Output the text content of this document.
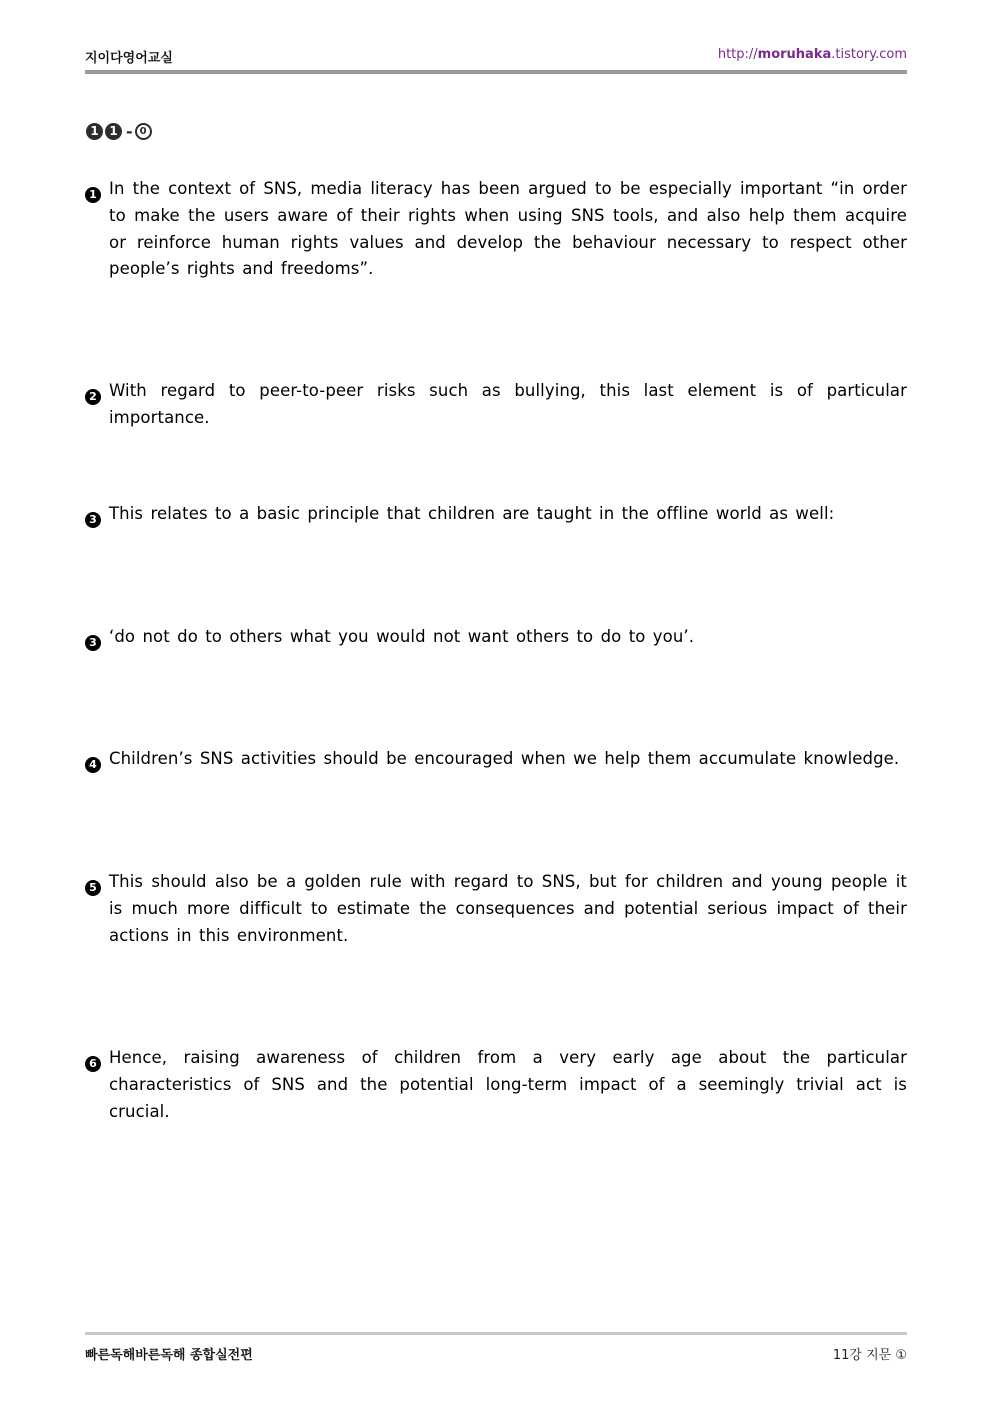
지이다영어교실	http://moruhaka.tistory.com
1 1 - 0
1 In the context of SNS, media literacy has been argued to be especially important “in order to make the users aware of their rights when using SNS tools, and also help them acquire or reinforce human rights values and develop the behaviour necessary to respect other people’s rights and freedoms”.
2 With regard to peer-to-peer risks such as bullying, this last element is of particular importance.
3 This relates to a basic principle that children are taught in the offline world as well:
3 ‘do not do to others what you would not want others to do to you’.
4 Children’s SNS activities should be encouraged when we help them accumulate knowledge.
5 This should also be a golden rule with regard to SNS, but for children and young people it is much more difficult to estimate the consequences and potential serious impact of their actions in this environment.
6 Hence, raising awareness of children from a very early age about the particular characteristics of SNS and the potential long-term impact of a seemingly trivial act is crucial.
빠른독해바른독해 종합실전편	11강 지문 ①
